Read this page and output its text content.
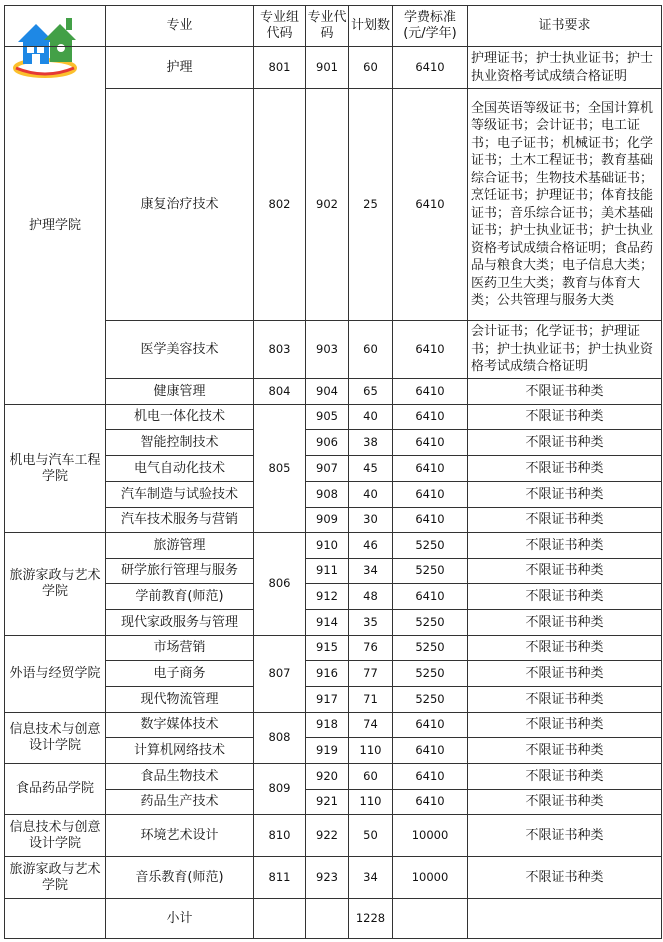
	专业	专业组代码	专业代码	计划数	学费标准(元/学年)	证书要求
护理学院	护理	801	901	60	6410	护理证书；护士执业证书；护士执业资格考试成绩合格证明
	康复治疗技术	802	902	25	6410	全国英语等级证书；全国计算机等级证书；会计证书；电工证书；电子证书；机械证书；化学证书；土木工程证书；教育基础综合证书；生物技术基础证书；烹饪证书；护理证书；体育技能证书；音乐综合证书；美术基础证书；护士执业证书；护士执业资格考试成绩合格证明；食品药品与粮食大类；电子信息大类；医药卫生大类；教育与体育大类；公共管理与服务大类
	医学美容技术	803	903	60	6410	会计证书；化学证书；护理证书；护士执业证书；护士执业资格考试成绩合格证明
	健康管理	804	904	65	6410	不限证书种类
机电与汽车工程学院	机电一体化技术	805	905	40	6410	不限证书种类
	智能控制技术		906	38	6410	不限证书种类
	电气自动化技术		907	45	6410	不限证书种类
	汽车制造与试验技术		908	40	6410	不限证书种类
	汽车技术服务与营销		909	30	6410	不限证书种类
旅游家政与艺术学院	旅游管理	806	910	46	5250	不限证书种类
	研学旅行管理与服务		911	34	5250	不限证书种类
	学前教育(师范)		912	48	6410	不限证书种类
	现代家政服务与管理		914	35	5250	不限证书种类
外语与经贸学院	市场营销	807	915	76	5250	不限证书种类
	电子商务		916	77	5250	不限证书种类
	现代物流管理		917	71	5250	不限证书种类
信息技术与创意设计学院	数字媒体技术	808	918	74	6410	不限证书种类
	计算机网络技术		919	110	6410	不限证书种类
食品药品学院	食品生物技术	809	920	60	6410	不限证书种类
	药品生产技术		921	110	6410	不限证书种类
信息技术与创意设计学院	环境艺术设计	810	922	50	10000	不限证书种类
旅游家政与艺术学院	音乐教育(师范)	811	923	34	10000	不限证书种类
	小计			1228		
